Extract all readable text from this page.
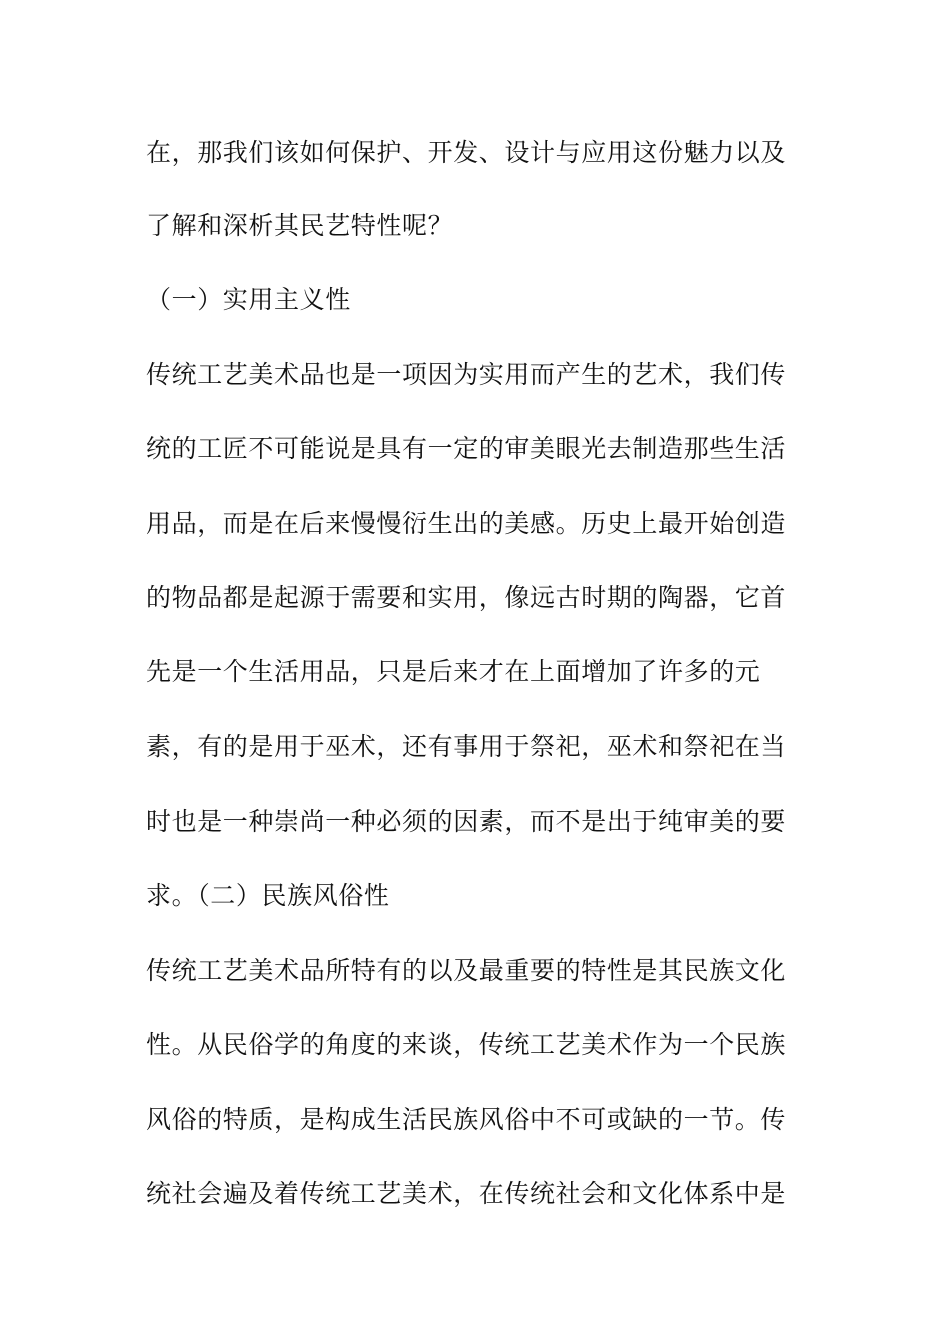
在，那我们该如何保护、开发、设计与应用这份魅力以及
了解和深析其民艺特性呢？
（一）实用主义性
传统工艺美术品也是一项因为实用而产生的艺术，我们传
统的工匠不可能说是具有一定的审美眼光去制造那些生活
用品，而是在后来慢慢衍生出的美感。历史上最开始创造
的物品都是起源于需要和实用，像远古时期的陶器，它首
先是一个生活用品，只是后来才在上面增加了许多的元
素，有的是用于巫术，还有事用于祭祀，巫术和祭祀在当
时也是一种崇尚一种必须的因素，而不是出于纯审美的要
求。（二）民族风俗性
传统工艺美术品所特有的以及最重要的特性是其民族文化
性。从民俗学的角度的来谈，传统工艺美术作为一个民族
风俗的特质，是构成生活民族风俗中不可或缺的一节。传
统社会遍及着传统工艺美术，在传统社会和文化体系中是
